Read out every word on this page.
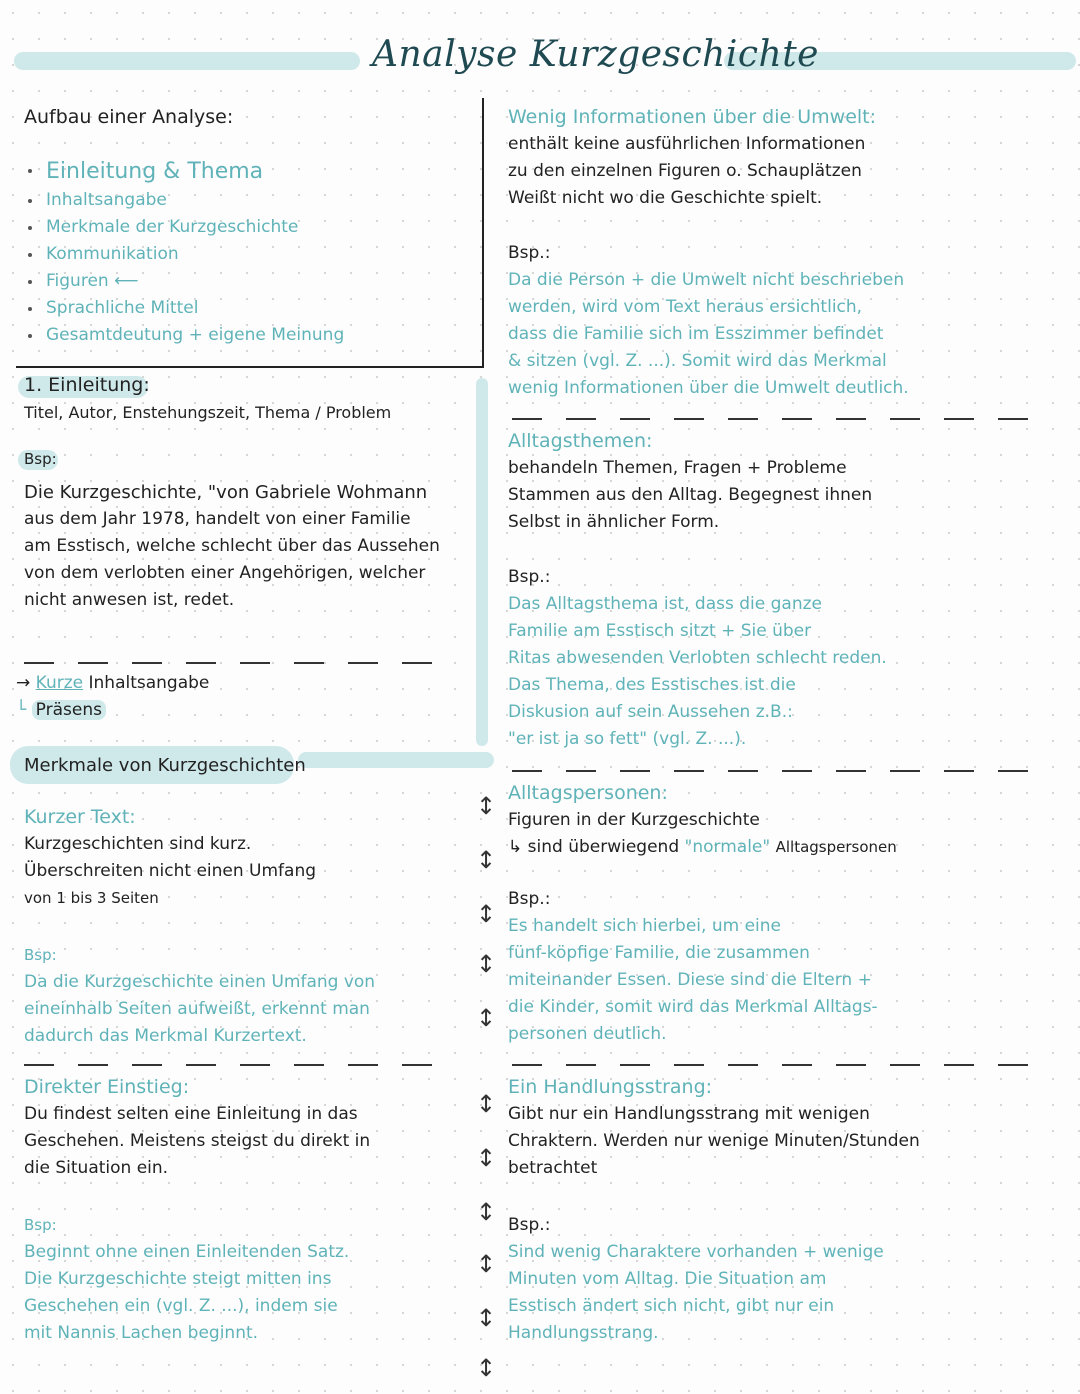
Analyse Kurzgeschichte
Aufbau einer Analyse:
Einleitung & Thema
Inhaltsangabe
Merkmale der Kurzgeschichte
Kommunikation
Figuren ⟵
Sprachliche Mittel
Gesamtdeutung + eigene Meinung
1. Einleitung:
Titel, Autor, Enstehungszeit, Thema / Problem
Bsp:
Die Kurzgeschichte, "von Gabriele Wohmann
aus dem Jahr 1978, handelt von einer Familie
am Esstisch, welche schlecht über das Aussehen
von dem verlobten einer Angehörigen, welcher
nicht anwesen ist, redet.
→ Kurze Inhaltsangabe
└ Präsens
Merkmale von Kurzgeschichten
Kurzer Text:
Kurzgeschichten sind kurz.
Überschreiten nicht einen Umfang
von 1 bis 3 Seiten
Bsp:
Da die Kurzgeschichte einen Umfang von
eineinhalb Seiten aufweißt, erkennt man
dadurch das Merkmal Kurzertext.
Direkter Einstieg:
Du findest selten eine Einleitung in das
Geschehen. Meistens steigst du direkt in
die Situation ein.
Bsp:
Beginnt ohne einen Einleitenden Satz.
Die Kurzgeschichte steigt mitten ins
Geschehen ein (vgl. Z. ...), indem sie
mit Nannis Lachen beginnt.
Wenig Informationen über die Umwelt:
enthält keine ausführlichen Informationen
zu den einzelnen Figuren o. Schauplätzen
Weißt nicht wo die Geschichte spielt.
Bsp.:
Da die Person + die Umwelt nicht beschrieben
werden, wird vom Text heraus ersichtlich,
dass die Familie sich im Esszimmer befindet
& sitzen (vgl. Z. ...). Somit wird das Merkmal
wenig Informationen über die Umwelt deutlich.
Alltagsthemen:
behandeln Themen, Fragen + Probleme
Stammen aus den Alltag. Begegnest ihnen
Selbst in ähnlicher Form.
Bsp.:
Das Alltagsthema ist, dass die ganze
Familie am Esstisch sitzt + Sie über
Ritas abwesenden Verlobten schlecht reden.
Das Thema, des Esstisches ist die
Diskusion auf sein Aussehen z.B.:
"er ist ja so fett" (vgl. Z. ...).
Alltagspersonen:
Figuren in der Kurzgeschichte
↳ sind überwiegend "normale" Alltagspersonen
Bsp.:
Es handelt sich hierbei, um eine
fünf-köpfige Familie, die zusammen
miteinander Essen. Diese sind die Eltern +
die Kinder, somit wird das Merkmal Alltags-
personen deutlich.
Ein Handlungsstrang:
Gibt nur ein Handlungsstrang mit wenigen
Chraktern. Werden nur wenige Minuten/Stunden
betrachtet
Bsp.:
Sind wenig Charaktere vorhanden + wenige
Minuten vom Alltag. Die Situation am
Esstisch ändert sich nicht, gibt nur ein
Handlungsstrang.
↕
↕
↕
↕
↕
↕
↕
↕
↕
↕
↕
